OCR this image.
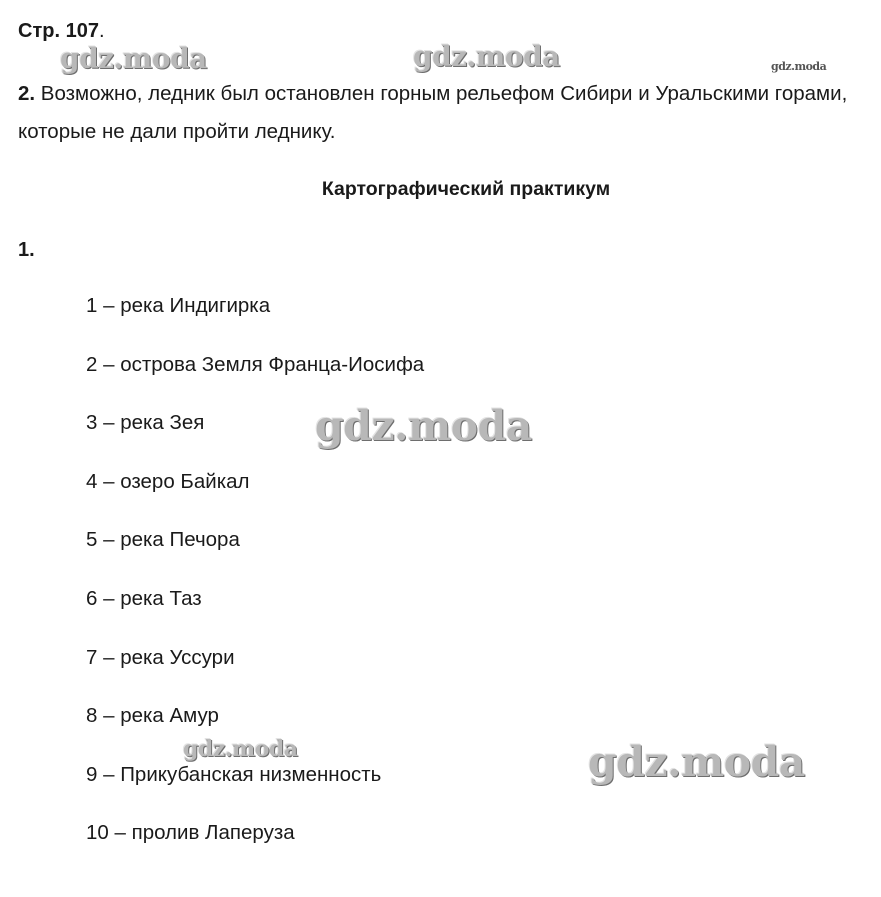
Стр. 107.

2. Возможно, ледник был остановлен горным рельефом Сибири и Уральскими горами, которые не дали пройти леднику.

Картографический практикум
1.
1 – река Индигирка
2 – острова Земля Франца-Иосифа
3 – река Зея
4 – озеро Байкал
5 – река Печора
6 – река Таз
7 – река Уссури
8 – река Амур
9 – Прикубанская низменность
10 – пролив Лаперуза
gdz.moda	gdz.moda	gdz.moda
gdz.moda
gdz.moda	gdz.moda
